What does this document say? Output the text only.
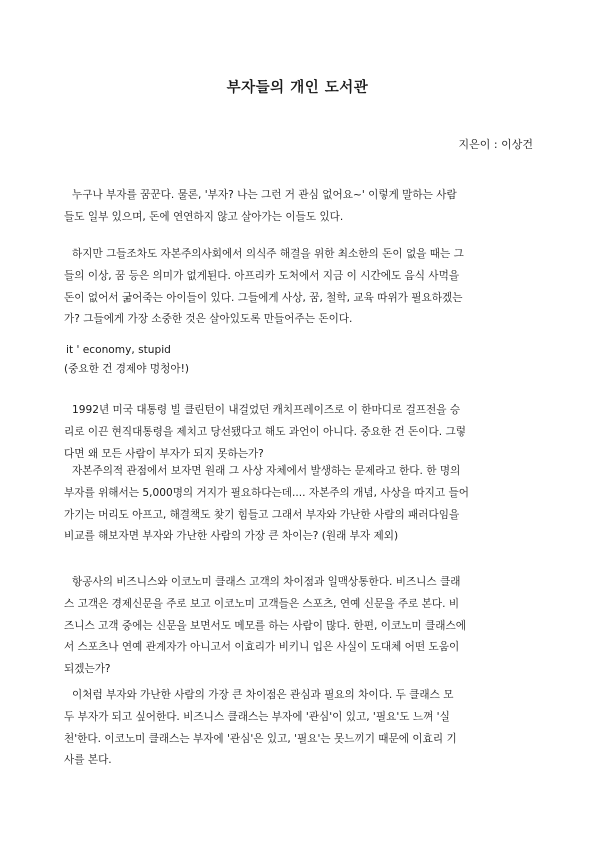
부자들의 개인 도서관
지은이 : 이상건
누구나 부자를 꿈꾼다. 물론, '부자? 나는 그런 거 관심 없어요~' 이렇게 말하는 사람
들도 일부 있으며, 돈에 연연하지 않고 살아가는 이들도 있다.
하지만 그들조차도 자본주의사회에서 의식주 해결을 위한 최소한의 돈이 없을 때는 그
들의 이상, 꿈 등은 의미가 없게된다. 아프리카 도처에서 지금 이 시간에도 음식 사먹을
돈이 없어서 굶어죽는 아이들이 있다. 그들에게 사상, 꿈, 철학, 교육 따위가 필요하겠는
가? 그들에게 가장 소중한 것은 살아있도록 만들어주는 돈이다.
it ' economy, stupid
(중요한 건 경제야 멍청아!)
1992년 미국 대통령 빌 클린턴이 내걸었던 캐치프레이즈로 이 한마디로 걸프전을 승
리로 이끈 현직대통령을 제치고 당선됐다고 해도 과언이 아니다. 중요한 건 돈이다. 그렇
다면 왜 모든 사람이 부자가 되지 못하는가?
자본주의적 관점에서 보자면 원래 그 사상 자체에서 발생하는 문제라고 한다. 한 명의
부자를 위해서는 5,000명의 거지가 필요하다는데.... 자본주의 개념, 사상을 따지고 들어
가기는 머리도 아프고, 해결책도 찾기 힘들고 그래서 부자와 가난한 사람의 패러다임을
비교를 해보자면 부자와 가난한 사람의 가장 큰 차이는? (원래 부자 제외)
항공사의 비즈니스와 이코노미 클래스 고객의 차이점과 일맥상통한다. 비즈니스 클래
스 고객은 경제신문을 주로 보고 이코노미 고객들은 스포츠, 연예 신문을 주로 본다. 비
즈니스 고객 중에는 신문을 보면서도 메모를 하는 사람이 많다. 한편, 이코노미 클래스에
서 스포츠나 연예 관계자가 아니고서 이효리가 비키니 입은 사실이 도대체 어떤 도움이
되겠는가?
이처럼 부자와 가난한 사람의 가장 큰 차이점은 관심과 필요의 차이다. 두 클래스 모
두 부자가 되고 싶어한다. 비즈니스 클래스는 부자에 '관심'이 있고, '필요'도 느껴 '실
천'한다. 이코노미 클래스는 부자에 '관심'은 있고, '필요'는 못느끼기 때문에 이효리 기
사를 본다.
